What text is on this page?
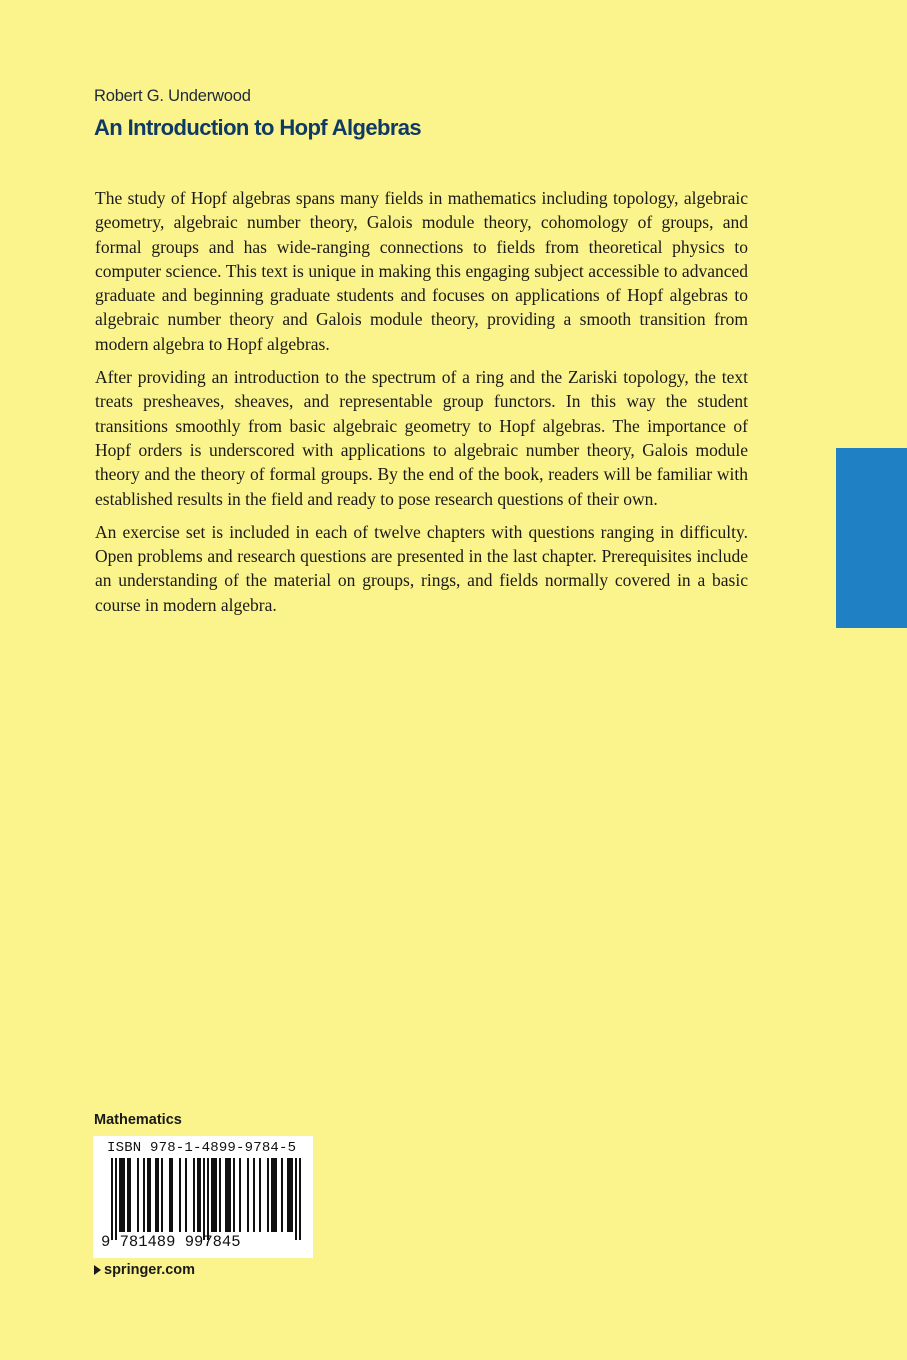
Robert G. Underwood
An Introduction to Hopf Algebras

The study of Hopf algebras spans many fields in mathematics including topology, algebraic geometry, algebraic number theory, Galois module theory, cohomology of groups, and formal groups and has wide-ranging connections to fields from theoretical physics to computer science. This text is unique in making this engaging subject accessible to advanced graduate and beginning graduate students and focuses on applications of Hopf algebras to algebraic number theory and Galois module theory, providing a smooth transition from modern algebra to Hopf algebras.

After providing an introduction to the spectrum of a ring and the Zariski topology, the text treats presheaves, sheaves, and representable group functors. In this way the student transitions smoothly from basic algebraic geometry to Hopf algebras. The importance of Hopf orders is underscored with applications to algebraic number theory, Galois module theory and the theory of formal groups. By the end of the book, readers will be familiar with established results in the field and ready to pose research questions of their own.

An exercise set is included in each of twelve chapters with questions ranging in difficulty. Open problems and research questions are presented in the last chapter. Prerequisites include an understanding of the material on groups, rings, and fields normally covered in a basic course in modern algebra.

Mathematics
ISBN 978-1-4899-9784-5
9 781489 997845
springer.com
